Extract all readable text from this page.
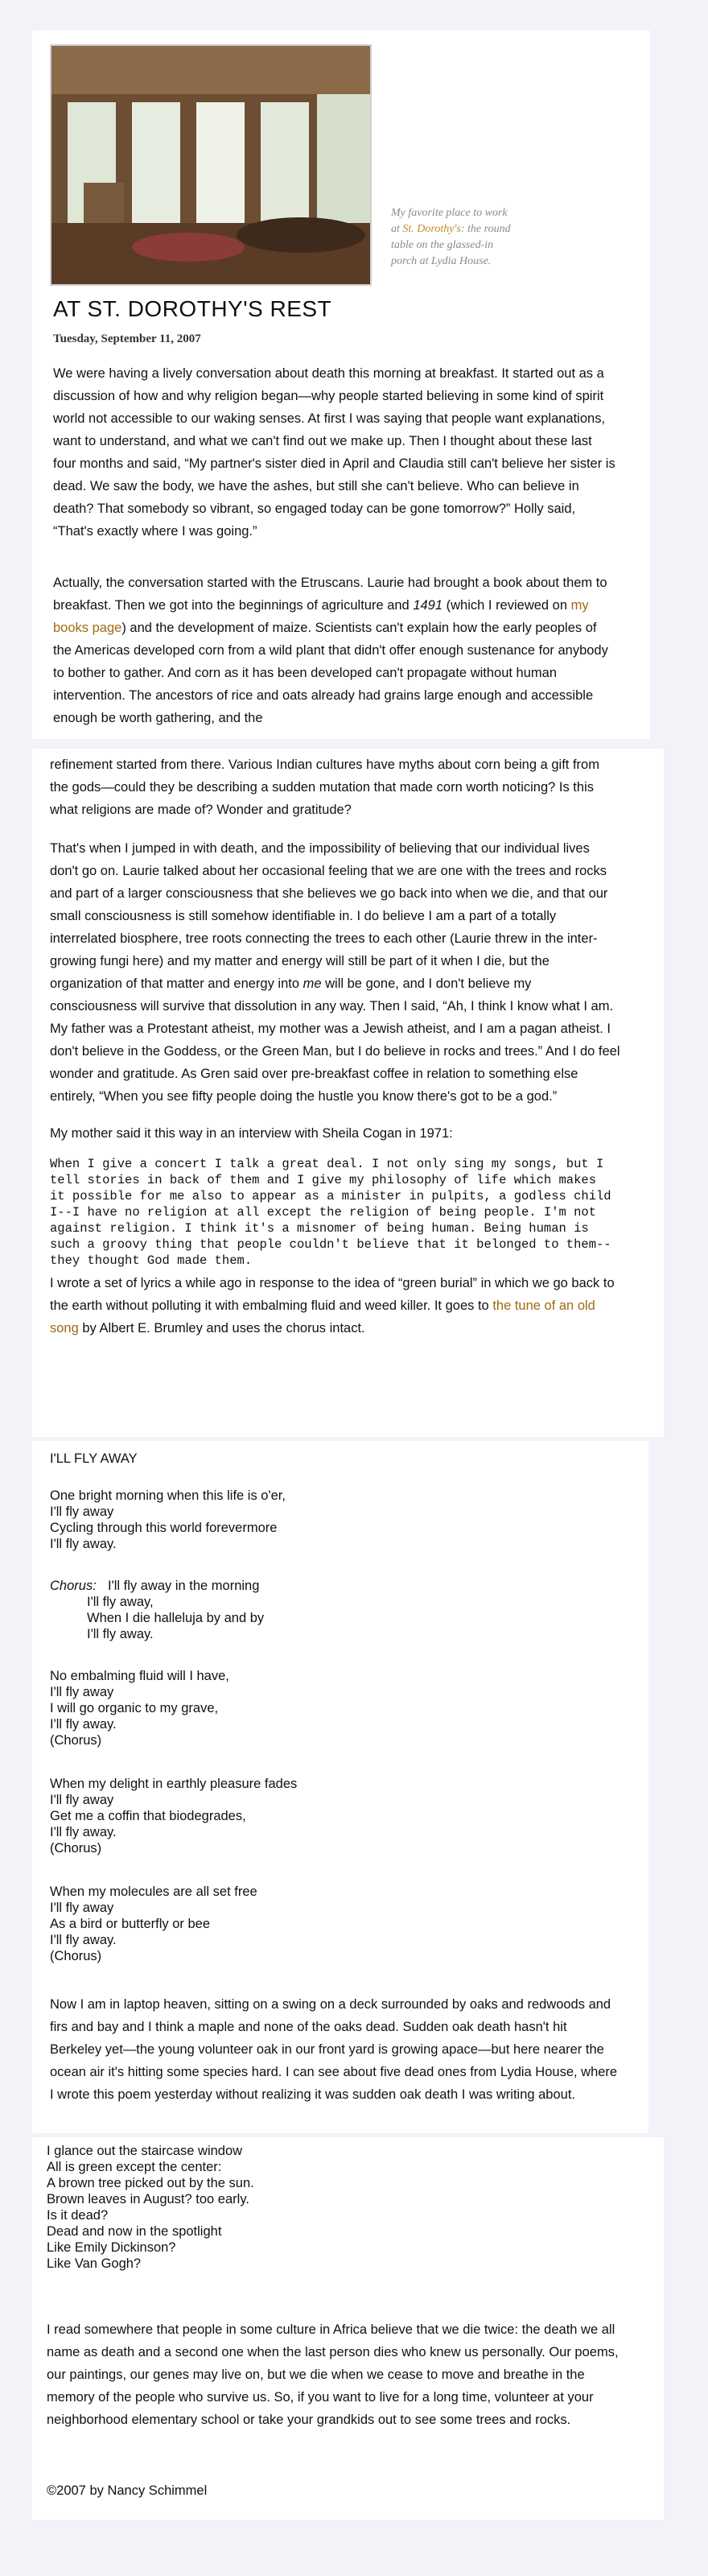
My favorite place to work
at St. Dorothy's: the round
table on the glassed-in
porch at Lydia House.
AT ST. DOROTHY'S REST
Tuesday, September 11, 2007

We were having a lively conversation about death this morning at breakfast. It started out as a discussion of how and why religion began—why people started believing in some kind of spirit world not accessible to our waking senses. At first I was saying that people want explanations, want to understand, and what we can't find out we make up. Then I thought about these last four months and said, “My partner's sister died in April and Claudia still can't believe her sister is dead. We saw the body, we have the ashes, but still she can't believe. Who can believe in death? That somebody so vibrant, so engaged today can be gone tomorrow?” Holly said, “That's exactly where I was going.”

Actually, the conversation started with the Etruscans. Laurie had brought a book about them to breakfast. Then we got into the beginnings of agriculture and 1491 (which I reviewed on my books page) and the development of maize. Scientists can't explain how the early peoples of the Americas developed corn from a wild plant that didn't offer enough sustenance for anybody to bother to gather. And corn as it has been developed can't propagate without human intervention. The ancestors of rice and oats already had grains large enough and accessible enough be worth gathering, and the

refinement started from there. Various Indian cultures have myths about corn being a gift from the gods—could they be describing a sudden mutation that made corn worth noticing? Is this what religions are made of? Wonder and gratitude?

That's when I jumped in with death, and the impossibility of believing that our individual lives don't go on. Laurie talked about her occasional feeling that we are one with the trees and rocks and part of a larger consciousness that she believes we go back into when we die, and that our small consciousness is still somehow identifiable in. I do believe I am a part of a totally interrelated biosphere, tree roots connecting the trees to each other (Laurie threw in the inter-growing fungi here) and my matter and energy will still be part of it when I die, but the organization of that matter and energy into me will be gone, and I don't believe my consciousness will survive that dissolution in any way. Then I said, “Ah, I think I know what I am. My father was a Protestant atheist, my mother was a Jewish atheist, and I am a pagan atheist. I don't believe in the Goddess, or the Green Man, but I do believe in rocks and trees.” And I do feel wonder and gratitude. As Gren said over pre-breakfast coffee in relation to something else entirely, “When you see fifty people doing the hustle you know there's got to be a god.”

My mother said it this way in an interview with Sheila Cogan in 1971:

When I give a concert I talk a great deal. I not only sing my songs, but I tell stories in back of them and I give my philosophy of life which makes it possible for me also to appear as a minister in pulpits, a godless child I--I have no religion at all except the religion of being people. I'm not against religion. I think it's a misnomer of being human. Being human is such a groovy thing that people couldn't believe that it belonged to them--they thought God made them.

I wrote a set of lyrics a while ago in response to the idea of “green burial” in which we go back to the earth without polluting it with embalming fluid and weed killer. It goes to the tune of an old song by Albert E. Brumley and uses the chorus intact.

I'LL FLY AWAY
One bright morning when this life is o'er,
I'll fly away
Cycling through this world forevermore
I'll fly away.
Chorus: I'll fly away in the morning
I'll fly away,
When I die halleluja by and by
I'll fly away.
No embalming fluid will I have,
I'll fly away
I will go organic to my grave,
I'll fly away.
(Chorus)
When my delight in earthly pleasure fades
I'll fly away
Get me a coffin that biodegrades,
I'll fly away.
(Chorus)
When my molecules are all set free
I'll fly away
As a bird or butterfly or bee
I'll fly away.
(Chorus)

Now I am in laptop heaven, sitting on a swing on a deck surrounded by oaks and redwoods and firs and bay and I think a maple and none of the oaks dead. Sudden oak death hasn't hit Berkeley yet—the young volunteer oak in our front yard is growing apace—but here nearer the ocean air it's hitting some species hard. I can see about five dead ones from Lydia House, where I wrote this poem yesterday without realizing it was sudden oak death I was writing about.

I glance out the staircase window
All is green except the center:
A brown tree picked out by the sun.
Brown leaves in August? too early.
Is it dead?
Dead and now in the spotlight
Like Emily Dickinson?
Like Van Gogh?

I read somewhere that people in some culture in Africa believe that we die twice: the death we all name as death and a second one when the last person dies who knew us personally. Our poems, our paintings, our genes may live on, but we die when we cease to move and breathe in the memory of the people who survive us. So, if you want to live for a long time, volunteer at your neighborhood elementary school or take your grandkids out to see some trees and rocks.

©2007 by Nancy Schimmel
